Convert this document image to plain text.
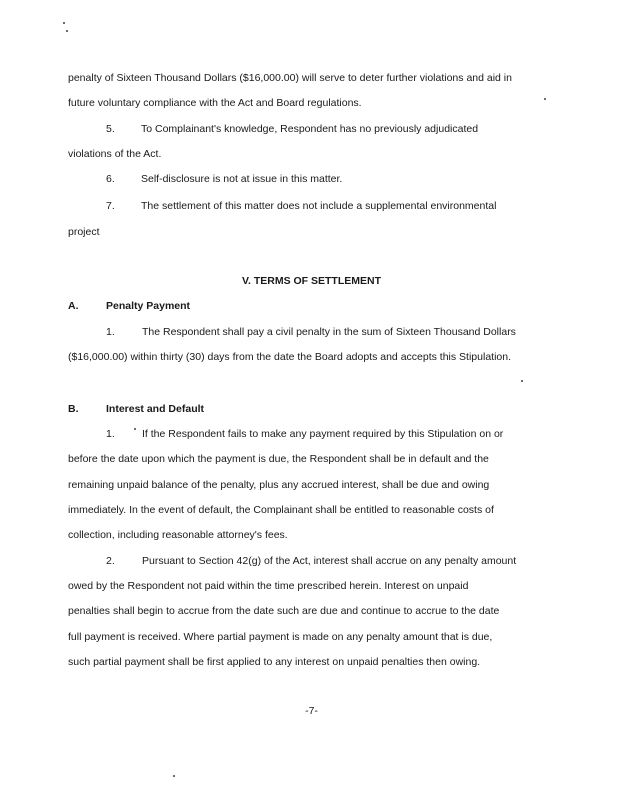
penalty of Sixteen Thousand Dollars ($16,000.00) will serve to deter further violations and aid in
future voluntary compliance with the Act and Board regulations.
5. To Complainant's knowledge, Respondent has no previously adjudicated
violations of the Act.
6. Self-disclosure is not at issue in this matter.
7. The settlement of this matter does not include a supplemental environmental
project
V. TERMS OF SETTLEMENT
A.	Penalty Payment
1.	The Respondent shall pay a civil penalty in the sum of Sixteen Thousand Dollars
($16,000.00) within thirty (30) days from the date the Board adopts and accepts this Stipulation.
B.	Interest and Default
1.	If the Respondent fails to make any payment required by this Stipulation on or
before the date upon which the payment is due, the Respondent shall be in default and the
remaining unpaid balance of the penalty, plus any accrued interest, shall be due and owing
immediately. In the event of default, the Complainant shall be entitled to reasonable costs of
collection, including reasonable attorney's fees.
2.	Pursuant to Section 42(g) of the Act, interest shall accrue on any penalty amount
owed by the Respondent not paid within the time prescribed herein. Interest on unpaid
penalties shall begin to accrue from the date such are due and continue to accrue to the date
full payment is received. Where partial payment is made on any penalty amount that is due,
such partial payment shall be first applied to any interest on unpaid penalties then owing.
-7-
